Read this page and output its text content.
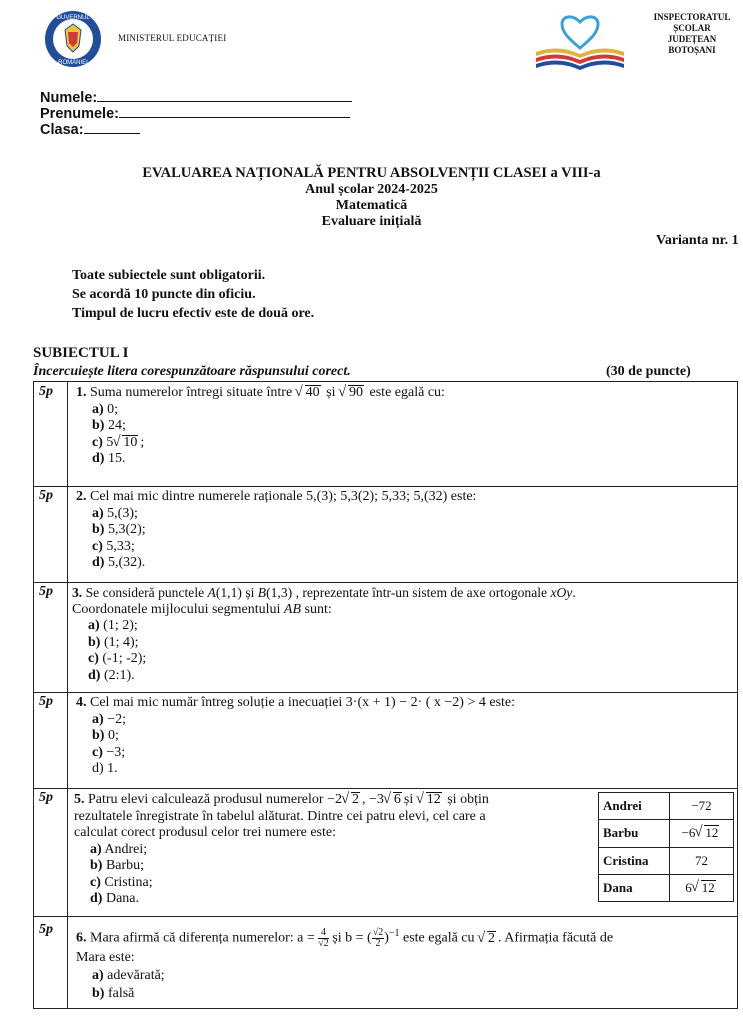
GUVERNUL
ROMÂNIEI
MINISTERUL EDUCAȚIEI
INSPECTORATUL
ȘCOLAR
JUDEȚEAN
BOTOȘANI
Numele:
Prenumele:
Clasa:
EVALUAREA NAȚIONALĂ PENTRU ABSOLVENȚII CLASEI a VIII-a
Anul școlar 2024-2025
Matematică
Evaluare inițială
Varianta nr. 1
Toate subiectele sunt obligatorii.
Se acordă 10 puncte din oficiu.
Timpul de lucru efectiv este de două ore.
SUBIECTUL I
Încercuiește litera corespunzătoare răspunsului corect.	(30 de puncte)
5p 1. Suma numerelor întregi situate între √ 40 și √ 90 este egală cu:
a) 0;
b) 24;
c) 5 √ 10 ;
d) 15.
5p 2. Cel mai mic dintre numerele raționale 5,(3); 5,3(2); 5,33; 5,(32) este:
a) 5,(3);
b) 5,3(2);
c) 5,33;
d) 5,(32).
5p 3. Se consideră punctele A(1,1) și B(1,3) , reprezentate într-un sistem de axe ortogonale xOy.
Coordonatele mijlocului segmentului AB sunt:
a) (1; 2);
b) (1; 4);
c) (-1; -2);
d) (2:1).
5p 4. Cel mai mic număr întreg soluție a inecuației 3·(x + 1) − 2· ( x −2) > 4 este:
a) −2;
b) 0;
c) −3;
d) 1.
5p 5. Patru elevi calculează produsul numerelor −2 √ 2 , −3 √ 6 și √ 12 și obțin
rezultatele înregistrate în tabelul alăturat. Dintre cei patru elevi, cel care a
calculat corect produsul celor trei numere este:
a) Andrei;
b) Barbu;
c) Cristina;
d) Dana.
Andrei	−72
Barbu	−6 √ 12
Cristina	72
Dana	6 √ 12
5p
6. Mara afirmă că diferența numerelor: $a = \frac{4}{√2}$ și b = ( $\frac{√2}{2} )^{-1}$ este egală cu √ 2 . Afirmația făcută de
Mara este:
a) adevărată;
b) falsă
